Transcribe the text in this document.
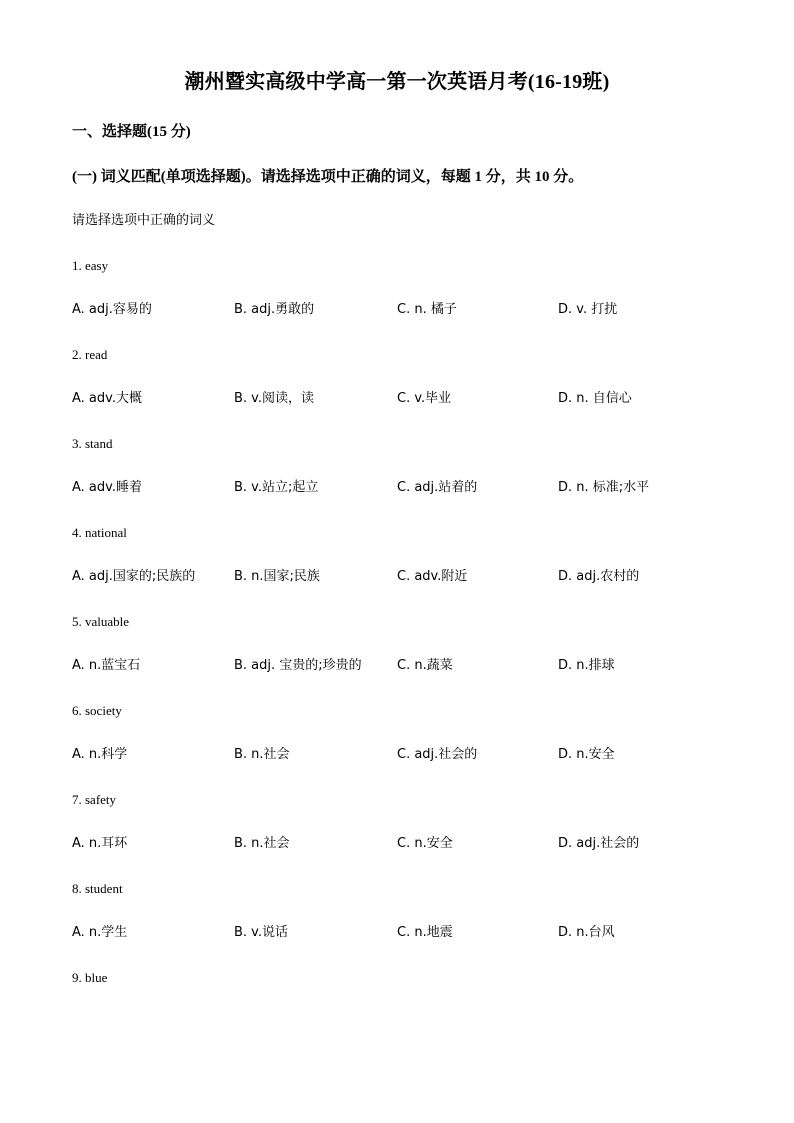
潮州暨实高级中学高一第一次英语月考(16-19班)
一、选择题(15 分)
(一) 词义匹配(单项选择题)。请选择选项中正确的词义，每题 1 分，共 10 分。
请选择选项中正确的词义
1. easy
A. adj.容易的	B. adj.勇敢的	C. n. 橘子	D. v. 打扰
2. read
A. adv.大概	B. v.阅读，读	C. v.毕业	D. n. 自信心
3. stand
A. adv.睡着	B. v.站立;起立	C. adj.站着的	D. n. 标准;水平
4. national
A. adj.国家的;民族的	B. n.国家;民族	C. adv.附近	D. adj.农村的
5. valuable
A. n.蓝宝石	B. adj. 宝贵的;珍贵的	C. n.蔬菜	D. n.排球
6. society
A. n.科学	B. n.社会	C. adj.社会的	D. n.安全
7. safety
A. n.耳环	B. n.社会	C. n.安全	D. adj.社会的
8. student
A. n.学生	B. v.说话	C. n.地震	D. n.台风
9. blue
